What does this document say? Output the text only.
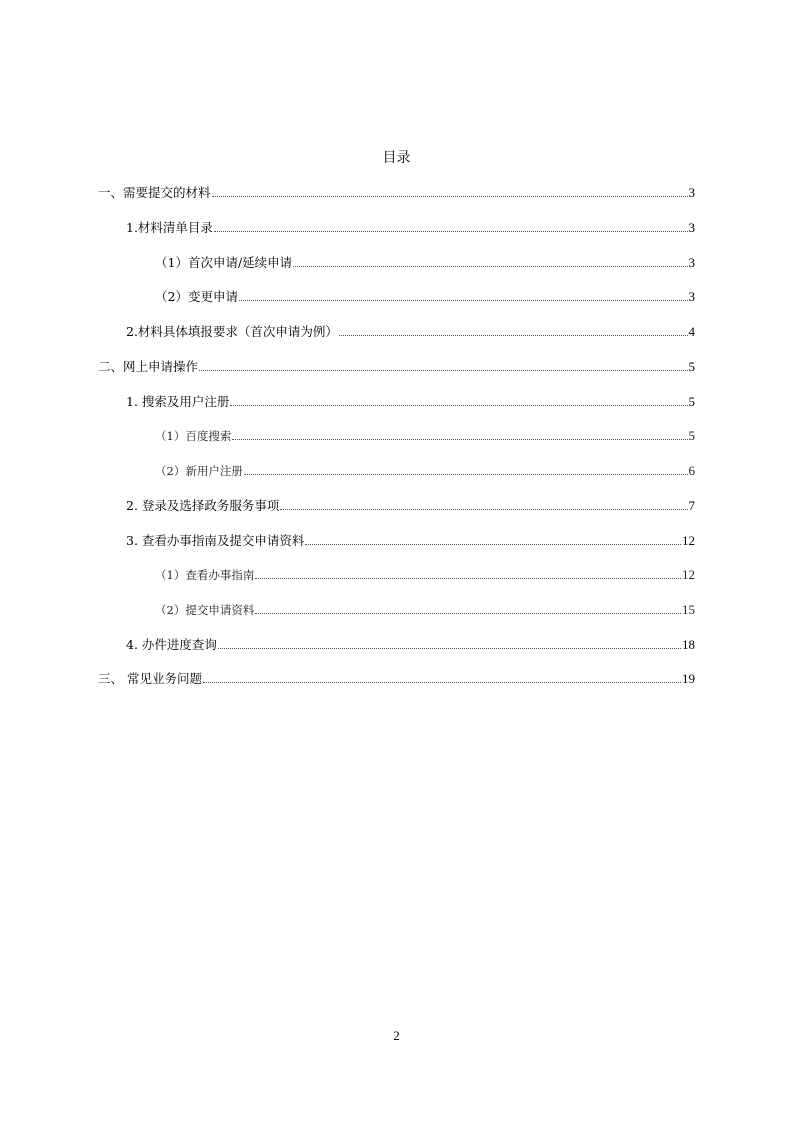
目录
一、需要提交的材料	3
1.材料清单目录	3
（1）首次申请/延续申请	3
（2）变更申请	3
2.材料具体填报要求（首次申请为例）	4
二、网上申请操作	5
1. 搜索及用户注册	5
（1）百度搜索	5
（2）新用户注册	6
2. 登录及选择政务服务事项	7
3. 查看办事指南及提交申请资料	12
（1）查看办事指南	12
（2）提交申请资料	15
4. 办件进度查询	18
三、 常见业务问题	19
2
